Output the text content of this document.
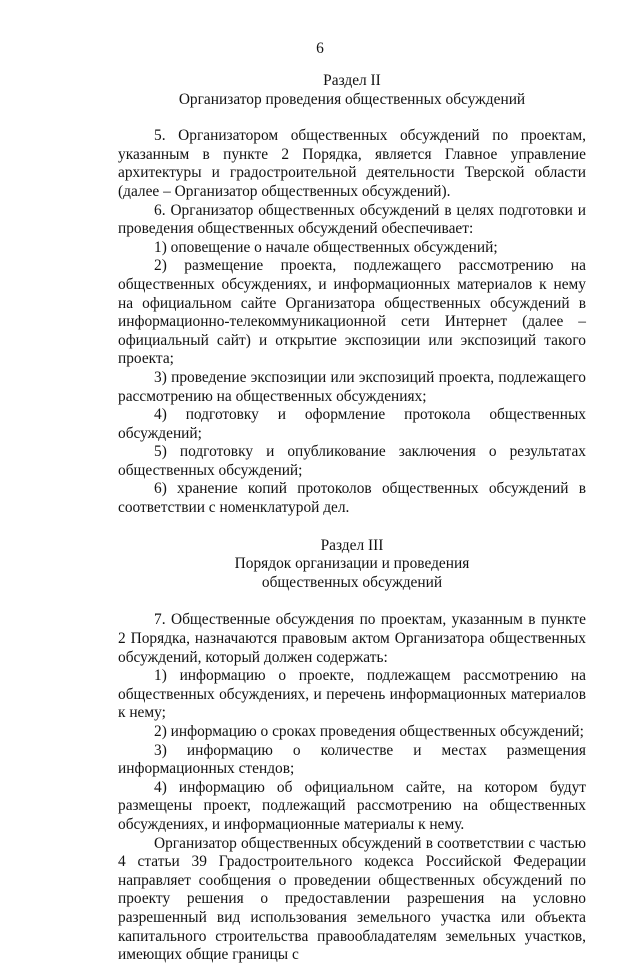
6
Раздел II
Организатор проведения общественных обсуждений

5. Организатором общественных обсуждений по проектам, указанным в пункте 2 Порядка, является Главное управление архитектуры и градостроительной деятельности Тверской области (далее – Организатор общественных обсуждений).

6. Организатор общественных обсуждений в целях подготовки и проведения общественных обсуждений обеспечивает:

1) оповещение о начале общественных обсуждений;

2) размещение проекта, подлежащего рассмотрению на общественных обсуждениях, и информационных материалов к нему на официальном сайте Организатора общественных обсуждений в информационно-телекоммуникационной сети Интернет (далее – официальный сайт) и открытие экспозиции или экспозиций такого проекта;

3) проведение экспозиции или экспозиций проекта, подлежащего рассмотрению на общественных обсуждениях;

4) подготовку и оформление протокола общественных обсуждений;

5) подготовку и опубликование заключения о результатах общественных обсуждений;

6) хранение копий протоколов общественных обсуждений в соответствии с номенклатурой дел.

Раздел III
Порядок организации и проведения
общественных обсуждений

7. Общественные обсуждения по проектам, указанным в пункте 2 Порядка, назначаются правовым актом Организатора общественных обсуждений, который должен содержать:

1) информацию о проекте, подлежащем рассмотрению на общественных обсуждениях, и перечень информационных материалов к нему;

2) информацию о сроках проведения общественных обсуждений;

3) информацию о количестве и местах размещения информационных стендов;

4) информацию об официальном сайте, на котором будут размещены проект, подлежащий рассмотрению на общественных обсуждениях, и информационные материалы к нему.

Организатор общественных обсуждений в соответствии с частью 4 статьи 39 Градостроительного кодекса Российской Федерации направляет сообщения о проведении общественных обсуждений по проекту решения о предоставлении разрешения на условно разрешенный вид использования земельного участка или объекта капитального строительства правообладателям земельных участков, имеющих общие границы с
